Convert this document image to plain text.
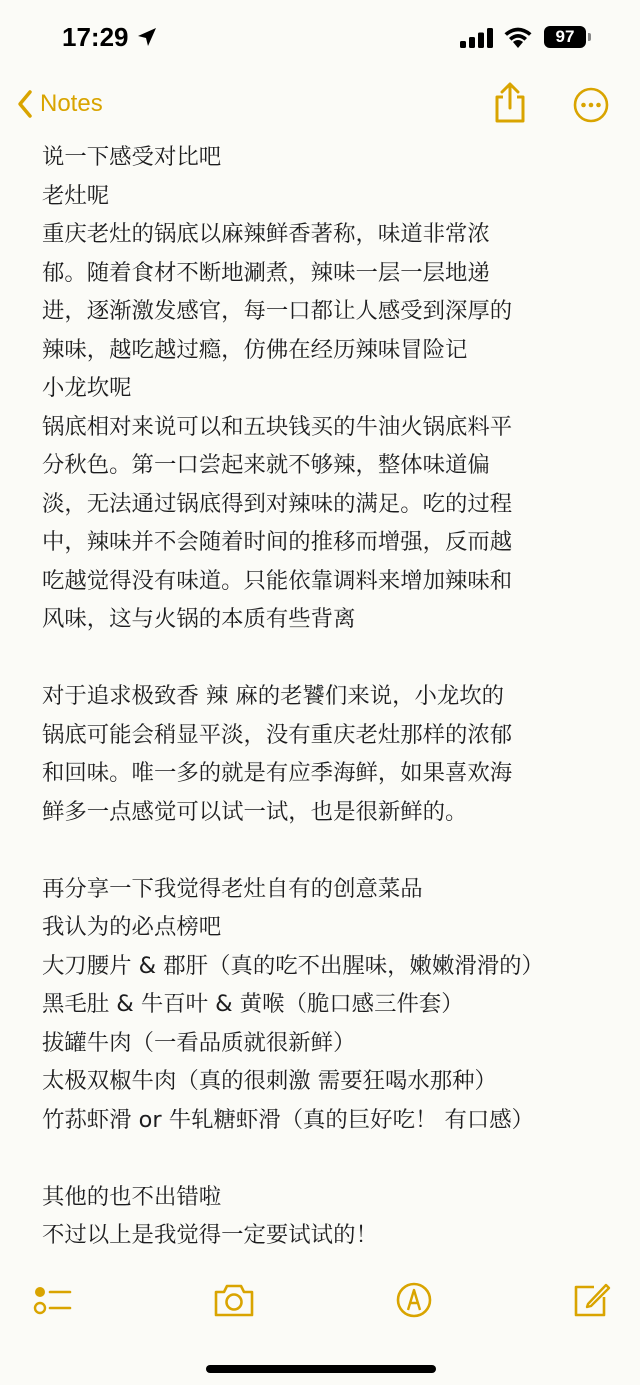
17:29	97
Notes
说一下感受对比吧
老灶呢
重庆老灶的锅底以麻辣鲜香著称，味道非常浓
郁。随着食材不断地涮煮，辣味一层一层地递
进，逐渐激发感官，每一口都让人感受到深厚的
辣味，越吃越过瘾，仿佛在经历辣味冒险记
小龙坎呢
锅底相对来说可以和五块钱买的牛油火锅底料平
分秋色。第一口尝起来就不够辣，整体味道偏
淡，无法通过锅底得到对辣味的满足。吃的过程
中，辣味并不会随着时间的推移而增强，反而越
吃越觉得没有味道。只能依靠调料来增加辣味和
风味，这与火锅的本质有些背离
对于追求极致香 辣 麻的老饕们来说，小龙坎的
锅底可能会稍显平淡，没有重庆老灶那样的浓郁
和回味。唯一多的就是有应季海鲜，如果喜欢海
鲜多一点感觉可以试一试，也是很新鲜的。
再分享一下我觉得老灶自有的创意菜品
我认为的必点榜吧
大刀腰片 & 郡肝（真的吃不出腥味，嫩嫩滑滑的）
黑毛肚 & 牛百叶 & 黄喉（脆口感三件套）
拔罐牛肉（一看品质就很新鲜）
太极双椒牛肉（真的很刺激 需要狂喝水那种）
竹荪虾滑 or 牛轧糖虾滑（真的巨好吃！ 有口感）
其他的也不出错啦
不过以上是我觉得一定要试试的！
